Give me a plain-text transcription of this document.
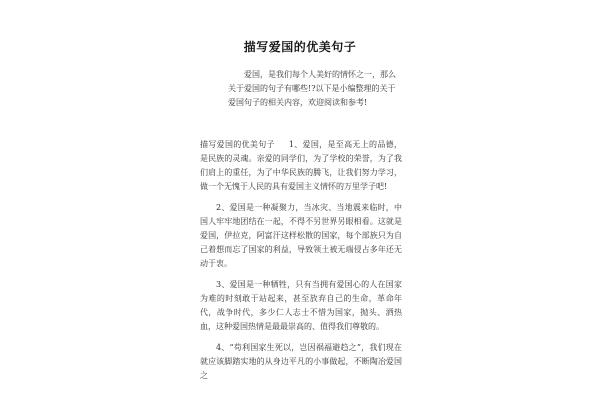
描写爱国的优美句子

爱国，是我们每个人美好的情怀之一，那么关于爱国的句子有哪些!?以下是小编整理的关于爱国句子的相关内容，欢迎阅读和参考!

描写爱国的优美句子 1、爱国，是至高无上的品德，是民族的灵魂。亲爱的同学们，为了学校的荣誉，为了我们肩上的重任，为了中华民族的腾飞，让我们努力学习，做一个无愧于人民的具有爱国主义情怀的万里学子吧!

2、爱国是一种凝聚力，当冰灾、当地震来临时，中国人牢牢地团结在一起，不得不另世界另眼相看。这就是爱国，伊拉克，阿富汗这样松散的国家，每个部族只为自己着想而忘了国家的利益，导致领土被无端侵占多年还无动于衷。

3、爱国是一种牺牲，只有当拥有爱国心的人在国家为难的时刻敢于站起来，甚至放弃自己的生命，革命年代，战争时代，多少仁人志士不惜为国家，抛头、洒热血，这种爱国热情是最最崇高的、值得我们尊敬的。

4、“苟利国家生死以，岂因祸福避趋之”，我们现在就应该脚踏实地的从身边平凡的小事做起，不断陶冶爱国之
